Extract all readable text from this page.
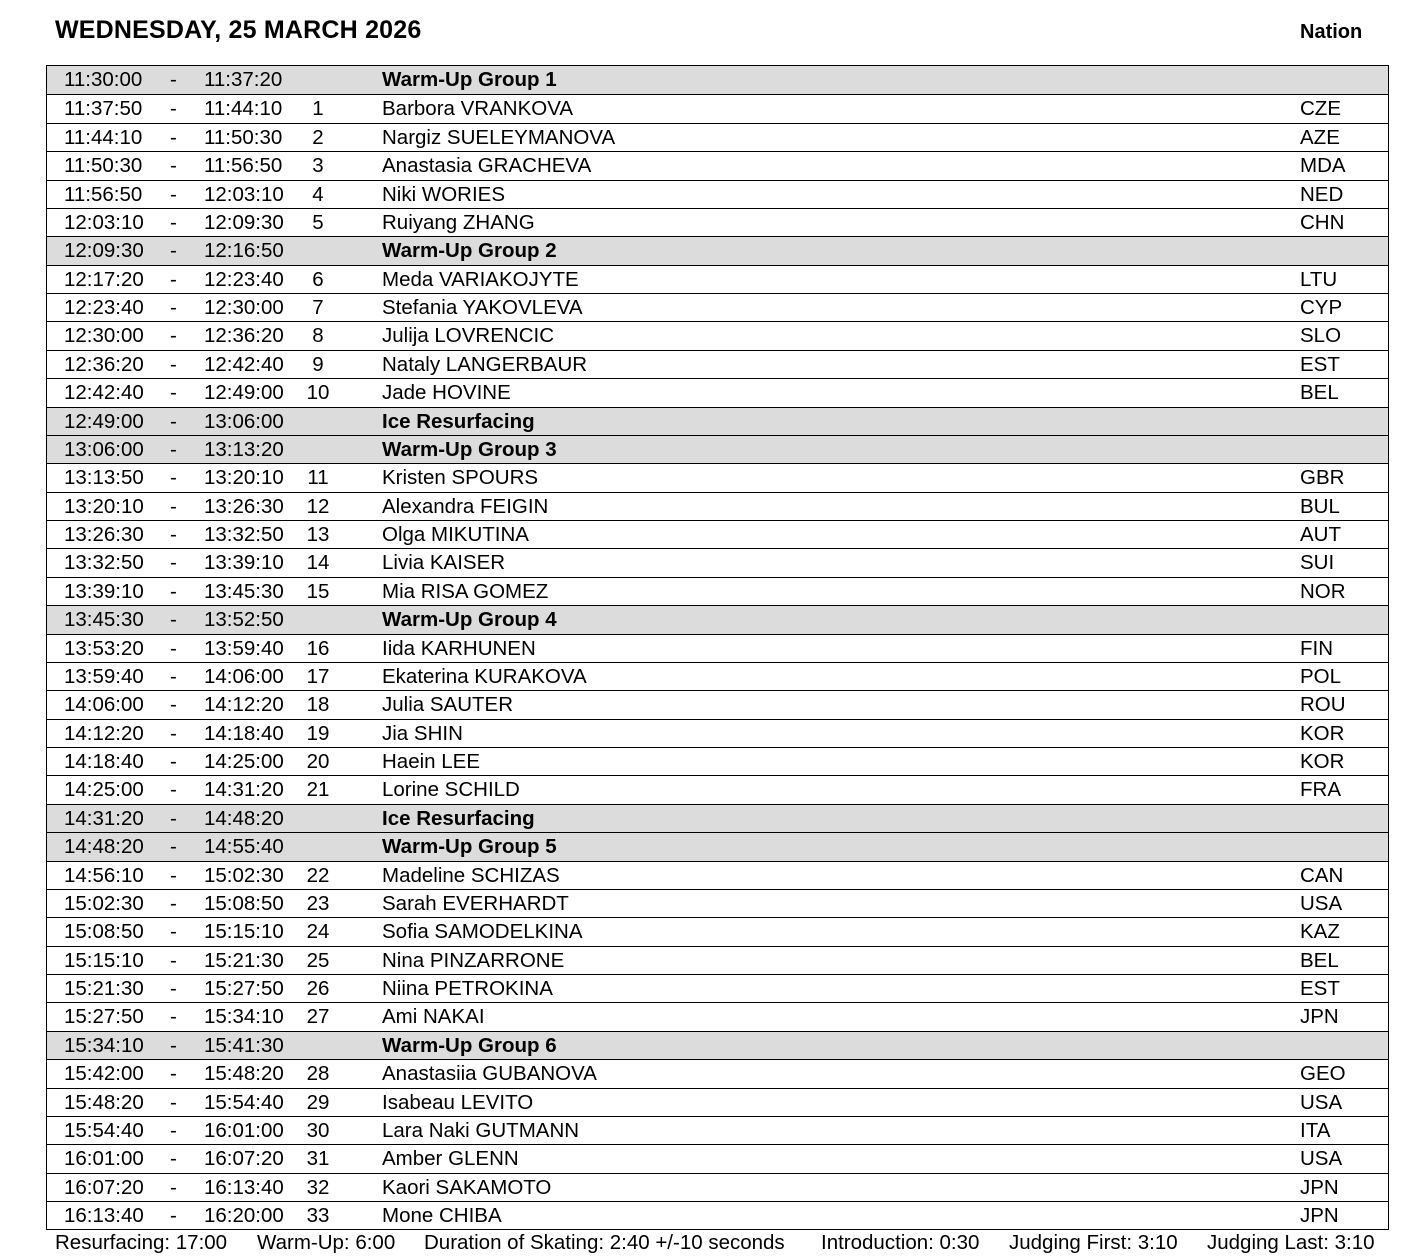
WEDNESDAY, 25 MARCH 2026	Nation
11:30:00 - 11:37:20	Warm-Up Group 1
11:37:50 - 11:44:10	1	Barbora VRANKOVA	CZE
11:44:10 - 11:50:30	2	Nargiz SUELEYMANOVA	AZE
11:50:30 - 11:56:50	3	Anastasia GRACHEVA	MDA
11:56:50 - 12:03:10	4	Niki WORIES	NED
12:03:10 - 12:09:30	5	Ruiyang ZHANG	CHN
12:09:30 - 12:16:50	Warm-Up Group 2
12:17:20 - 12:23:40	6	Meda VARIAKOJYTE	LTU
12:23:40 - 12:30:00	7	Stefania YAKOVLEVA	CYP
12:30:00 - 12:36:20	8	Julija LOVRENCIC	SLO
12:36:20 - 12:42:40	9	Nataly LANGERBAUR	EST
12:42:40 - 12:49:00	10	Jade HOVINE	BEL
12:49:00 - 13:06:00	Ice Resurfacing
13:06:00 - 13:13:20	Warm-Up Group 3
13:13:50 - 13:20:10	11	Kristen SPOURS	GBR
13:20:10 - 13:26:30	12	Alexandra FEIGIN	BUL
13:26:30 - 13:32:50	13	Olga MIKUTINA	AUT
13:32:50 - 13:39:10	14	Livia KAISER	SUI
13:39:10 - 13:45:30	15	Mia RISA GOMEZ	NOR
13:45:30 - 13:52:50	Warm-Up Group 4
13:53:20 - 13:59:40	16	Iida KARHUNEN	FIN
13:59:40 - 14:06:00	17	Ekaterina KURAKOVA	POL
14:06:00 - 14:12:20	18	Julia SAUTER	ROU
14:12:20 - 14:18:40	19	Jia SHIN	KOR
14:18:40 - 14:25:00	20	Haein LEE	KOR
14:25:00 - 14:31:20	21	Lorine SCHILD	FRA
14:31:20 - 14:48:20	Ice Resurfacing
14:48:20 - 14:55:40	Warm-Up Group 5
14:56:10 - 15:02:30	22	Madeline SCHIZAS	CAN
15:02:30 - 15:08:50	23	Sarah EVERHARDT	USA
15:08:50 - 15:15:10	24	Sofia SAMODELKINA	KAZ
15:15:10 - 15:21:30	25	Nina PINZARRONE	BEL
15:21:30 - 15:27:50	26	Niina PETROKINA	EST
15:27:50 - 15:34:10	27	Ami NAKAI	JPN
15:34:10 - 15:41:30	Warm-Up Group 6
15:42:00 - 15:48:20	28	Anastasiia GUBANOVA	GEO
15:48:20 - 15:54:40	29	Isabeau LEVITO	USA
15:54:40 - 16:01:00	30	Lara Naki GUTMANN	ITA
16:01:00 - 16:07:20	31	Amber GLENN	USA
16:07:20 - 16:13:40	32	Kaori SAKAMOTO	JPN
16:13:40 - 16:20:00	33	Mone CHIBA	JPN
Resurfacing: 17:00 Warm-Up: 6:00 Duration of Skating: 2:40 +/-10 seconds Introduction: 0:30 Judging First: 3:10 Judging Last: 3:10
